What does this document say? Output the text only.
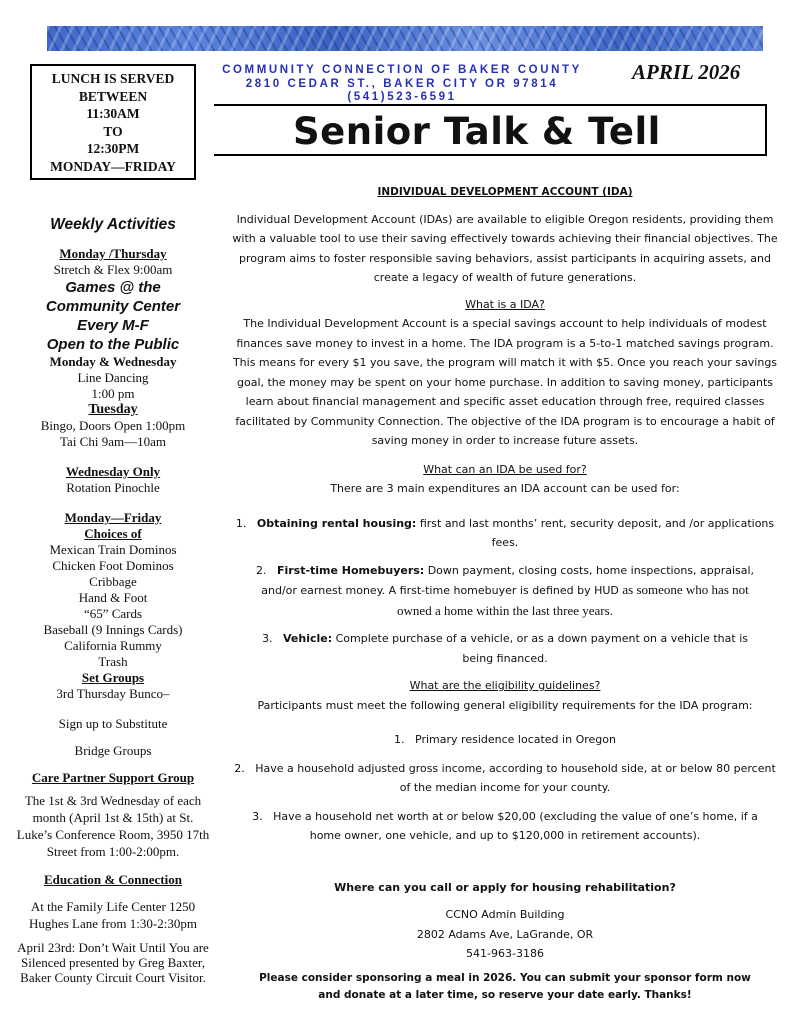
LUNCH IS SERVED
BETWEEN
11:30AM
TO
12:30PM
MONDAY—FRIDAY
COMMUNITY CONNECTION OF BAKER COUNTY
2810 CEDAR ST., BAKER CITY OR 97814
(541)523-6591
APRIL 2026
Senior Talk & Tell
Weekly Activities
Monday /Thursday
Stretch & Flex 9:00am
Games @ the
Community Center
Every M-F
Open to the Public
Monday & Wednesday
Line Dancing
1:00 pm
Tuesday
Bingo, Doors Open 1:00pm
Tai Chi 9am—10am
Wednesday Only
Rotation Pinochle
Monday—Friday
Choices of
Mexican Train Dominos
Chicken Foot Dominos
Cribbage
Hand & Foot
“65” Cards
Baseball (9 Innings Cards)
California Rummy
Trash
Set Groups
3rd Thursday Bunco–
Sign up to Substitute
Bridge Groups
Care Partner Support Group
The 1st & 3rd Wednesday of each month (April 1st & 15th) at St. Luke’s Conference Room, 3950 17th Street from 1:00-2:00pm.
Education & Connection
At the Family Life Center 1250 Hughes Lane from 1:30-2:30pm
April 23rd: Don’t Wait Until You are Silenced presented by Greg Baxter, Baker County Circuit Court Visitor.
INDIVIDUAL DEVELOPMENT ACCOUNT (IDA)
Individual Development Account (IDAs) are available to eligible Oregon residents, providing them with a valuable tool to use their saving effectively towards achieving their financial objectives. The program aims to foster responsible saving behaviors, assist participants in acquiring assets, and create a legacy of wealth of future generations.
What is a IDA?
The Individual Development Account is a special savings account to help individuals of modest finances save money to invest in a home. The IDA program is a 5-to-1 matched savings program. This means for every $1 you save, the program will match it with $5. Once you reach your savings goal, the money may be spent on your home purchase. In addition to saving money, participants learn about financial management and specific asset education through free, required classes facilitated by Community Connection. The objective of the IDA program is to encourage a habit of saving money in order to increase future assets.
What can an IDA be used for?
There are 3 main expenditures an IDA account can be used for:
1. Obtaining rental housing: first and last months’ rent, security deposit, and /or applications fees.
2. First-time Homebuyers: Down payment, closing costs, home inspections, appraisal, and/or earnest money. A first-time homebuyer is defined by HUD as someone who has not owned a home within the last three years.
3. Vehicle: Complete purchase of a vehicle, or as a down payment on a vehicle that is being financed.
What are the eligibility guidelines?
Participants must meet the following general eligibility requirements for the IDA program:
1. Primary residence located in Oregon
2. Have a household adjusted gross income, according to household side, at or below 80 percent of the median income for your county.
3. Have a household net worth at or below $20,00 (excluding the value of one’s home, if a home owner, one vehicle, and up to $120,000 in retirement accounts).
Where can you call or apply for housing rehabilitation?
CCNO Admin Building
2802 Adams Ave, LaGrande, OR
541-963-3186
Please consider sponsoring a meal in 2026. You can submit your sponsor form now and donate at a later time, so reserve your date early. Thanks!
